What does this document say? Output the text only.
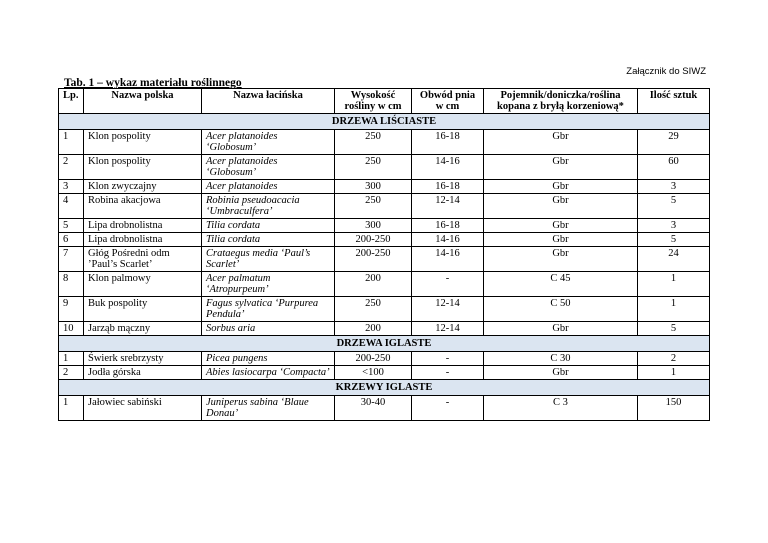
Załącznik do SIWZ
Tab. 1 – wykaz materiału roślinnego
Lp.	Nazwa polska	Nazwa łacińska	Wysokość rośliny w cm	Obwód pnia w cm	Pojemnik/doniczka/roślina kopana z bryłą korzeniową*	Ilość sztuk
DRZEWA LIŚCIASTE						
1	Klon pospolity	Acer platanoides ‘Globosum’	250	16-18	Gbr	29
2	Klon pospolity	Acer platanoides ‘Globosum’	250	14-16	Gbr	60
3	Klon zwyczajny	Acer platanoides	300	16-18	Gbr	3
4	Robina akacjowa	Robinia pseudoacacia ‘Umbraculfera’	250	12-14	Gbr	5
5	Lipa drobnolistna	Tilia cordata	300	16-18	Gbr	3
6	Lipa drobnolistna	Tilia cordata	200-250	14-16	Gbr	5
7	Głóg Pośredni odm ’Paul’s Scarlet’	Crataegus media ‘Paul’s Scarlet’	200-250	14-16	Gbr	24
8	Klon palmowy	Acer palmatum ‘Atropurpeum’	200	-	C 45	1
9	Buk pospolity	Fagus sylvatica ‘Purpurea Pendula’	250	12-14	C 50	1
10	Jarząb mączny	Sorbus aria	200	12-14	Gbr	5
DRZEWA IGLASTE						
1	Świerk srebrzysty	Picea pungens	200-250	-	C 30	2
2	Jodła górska	Abies lasiocarpa ‘Compacta’	<100	-	Gbr	1
KRZEWY IGLASTE						
1	Jałowiec sabiński	Juniperus sabina ‘Blaue Donau’	30-40	-	C 3	150
